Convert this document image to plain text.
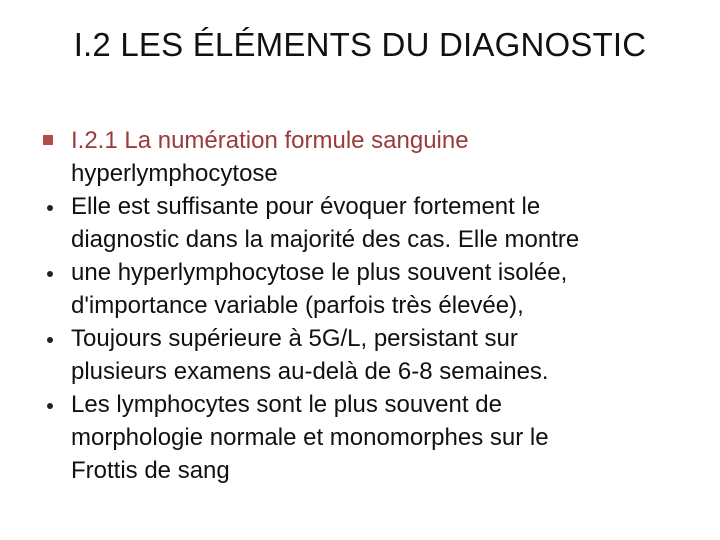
I.2 LES ÉLÉMENTS DU DIAGNOSTIC
I.2.1 La numération formule sanguine
hyperlymphocytose
Elle est suffisante pour évoquer fortement le
diagnostic dans la majorité des cas. Elle montre
une hyperlymphocytose le plus souvent isolée,
d'importance variable (parfois très élevée),
Toujours supérieure à 5G/L, persistant sur
plusieurs examens au-delà de 6-8 semaines.
Les lymphocytes sont le plus souvent de
morphologie normale et monomorphes sur le
Frottis de sang
